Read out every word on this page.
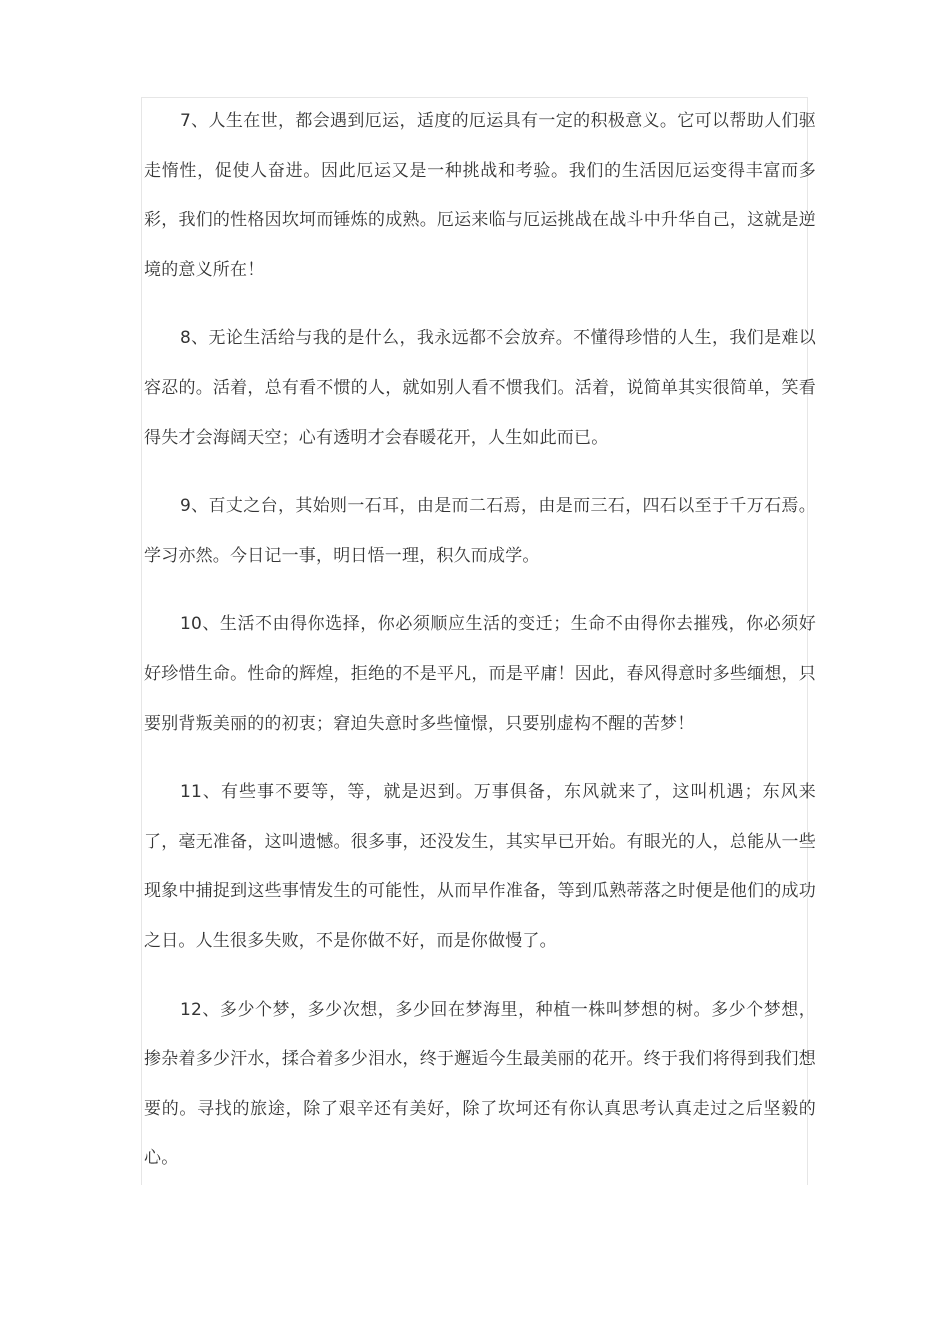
7、人生在世，都会遇到厄运，适度的厄运具有一定的积极意义。它可以帮助人们驱走惰性，促使人奋进。因此厄运又是一种挑战和考验。我们的生活因厄运变得丰富而多彩，我们的性格因坎坷而锤炼的成熟。厄运来临与厄运挑战在战斗中升华自己，这就是逆境的意义所在！

8、无论生活给与我的是什么，我永远都不会放弃。不懂得珍惜的人生，我们是难以容忍的。活着，总有看不惯的人，就如别人看不惯我们。活着，说简单其实很简单，笑看得失才会海阔天空；心有透明才会春暖花开，人生如此而已。

9、百丈之台，其始则一石耳，由是而二石焉，由是而三石，四石以至于千万石焉。学习亦然。今日记一事，明日悟一理，积久而成学。

10、生活不由得你选择，你必须顺应生活的变迁；生命不由得你去摧残，你必须好好珍惜生命。性命的辉煌，拒绝的不是平凡，而是平庸！因此，春风得意时多些缅想，只要别背叛美丽的的初衷；窘迫失意时多些憧憬，只要别虚构不醒的苦梦！

11、有些事不要等，等，就是迟到。万事俱备，东风就来了，这叫机遇；东风来了，毫无准备，这叫遗憾。很多事，还没发生，其实早已开始。有眼光的人，总能从一些现象中捕捉到这些事情发生的可能性，从而早作准备，等到瓜熟蒂落之时便是他们的成功之日。人生很多失败，不是你做不好，而是你做慢了。

12、多少个梦，多少次想，多少回在梦海里，种植一株叫梦想的树。多少个梦想，掺杂着多少汗水，揉合着多少泪水，终于邂逅今生最美丽的花开。终于我们将得到我们想要的。寻找的旅途，除了艰辛还有美好，除了坎坷还有你认真思考认真走过之后坚毅的心。
